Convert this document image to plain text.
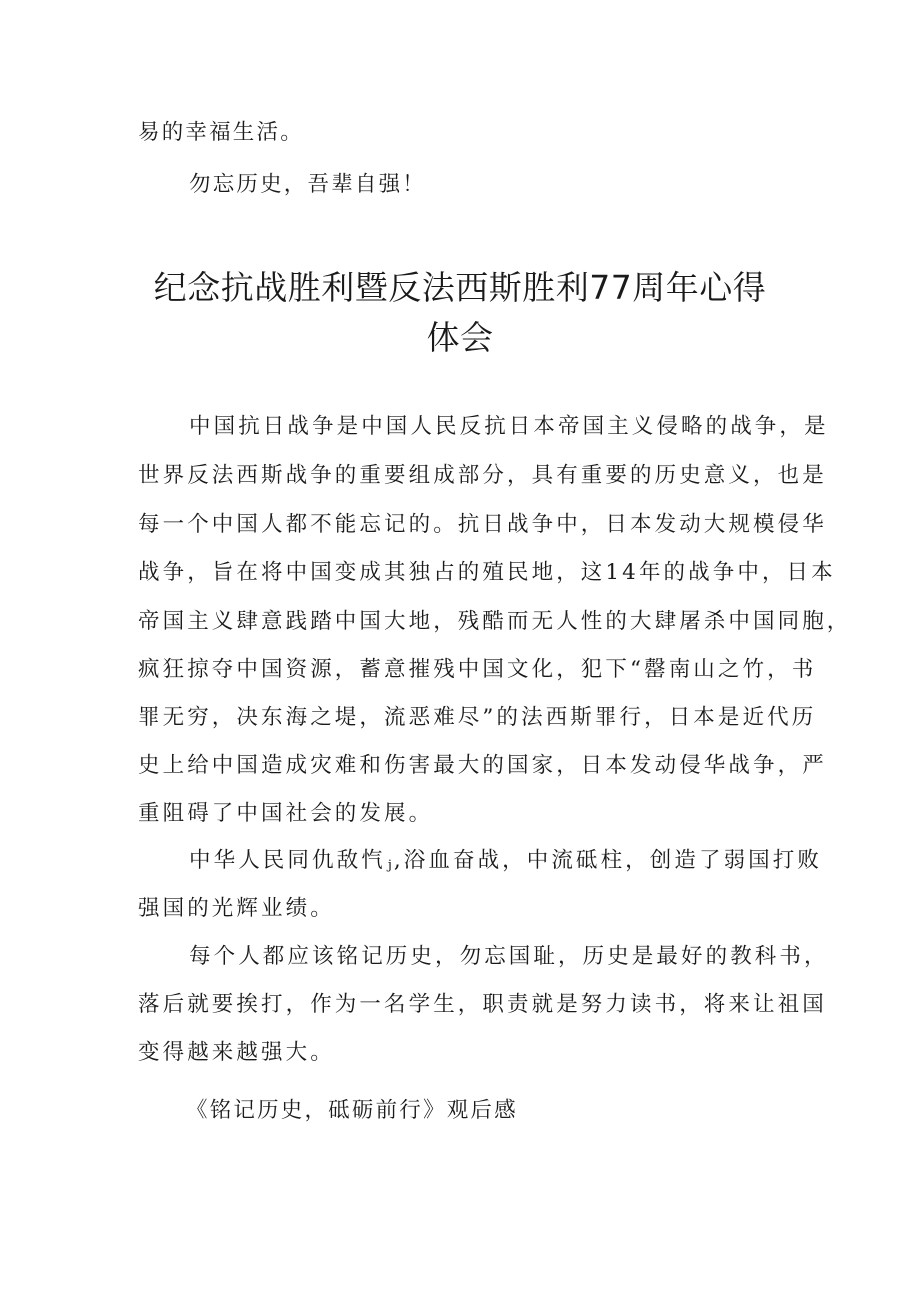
易的幸福生活。
勿忘历史，吾辈自强！
纪念抗战胜利暨反法西斯胜利77周年心得
体会
中国抗日战争是中国人民反抗日本帝国主义侵略的战争，是
世界反法西斯战争的重要组成部分，具有重要的历史意义，也是
每一个中国人都不能忘记的。抗日战争中，日本发动大规模侵华
战争，旨在将中国变成其独占的殖民地，这14年的战争中，日本
帝国主义肆意践踏中国大地，残酷而无人性的大肆屠杀中国同胞，
疯狂掠夺中国资源，蓄意摧残中国文化，犯下“罄南山之竹，书
罪无穷，决东海之堤，流恶难尽”的法西斯罪行，日本是近代历
史上给中国造成灾难和伤害最大的国家，日本发动侵华战争，严
重阻碍了中国社会的发展。
中华人民同仇敌忾 j,浴血奋战，中流砥柱，创造了弱国打败
强国的光辉业绩。
每个人都应该铭记历史，勿忘国耻，历史是最好的教科书，
落后就要挨打，作为一名学生，职责就是努力读书，将来让祖国
变得越来越强大。
《铭记历史，砥砺前行》观后感
